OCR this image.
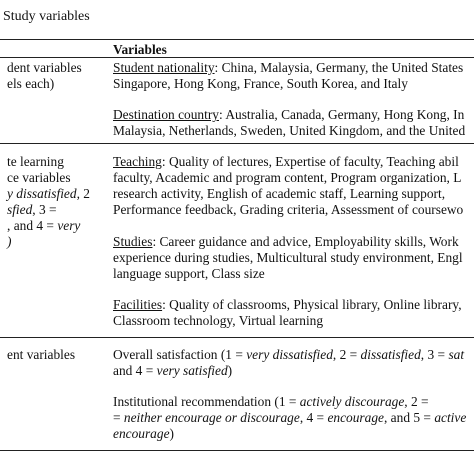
Study variables
Variables
dent variables
els each)
Student nationality: China, Malaysia, Germany, the United States
Singapore, Hong Kong, France, South Korea, and Italy
Destination country: Australia, Canada, Germany, Hong Kong, In
Malaysia, Netherlands, Sweden, United Kingdom, and the United
te learning
ce variables
y dissatisfied, 2
sfied, 3 =
, and 4 = very
)
Teaching: Quality of lectures, Expertise of faculty, Teaching abil
faculty, Academic and program content, Program organization, L
research activity, English of academic staff, Learning support,
Performance feedback, Grading criteria, Assessment of coursewo
Studies: Career guidance and advice, Employability skills, Work
experience during studies, Multicultural study environment, Engl
language support, Class size
Facilities: Quality of classrooms, Physical library, Online library,
Classroom technology, Virtual learning
ent variables	Overall satisfaction (1 = very dissatisfied, 2 = dissatisfied, 3 = sat
and 4 = very satisfied)
Institutional recommendation (1 = actively discourage, 2 =
= neither encourage or discourage, 4 = encourage, and 5 = active
encourage)
